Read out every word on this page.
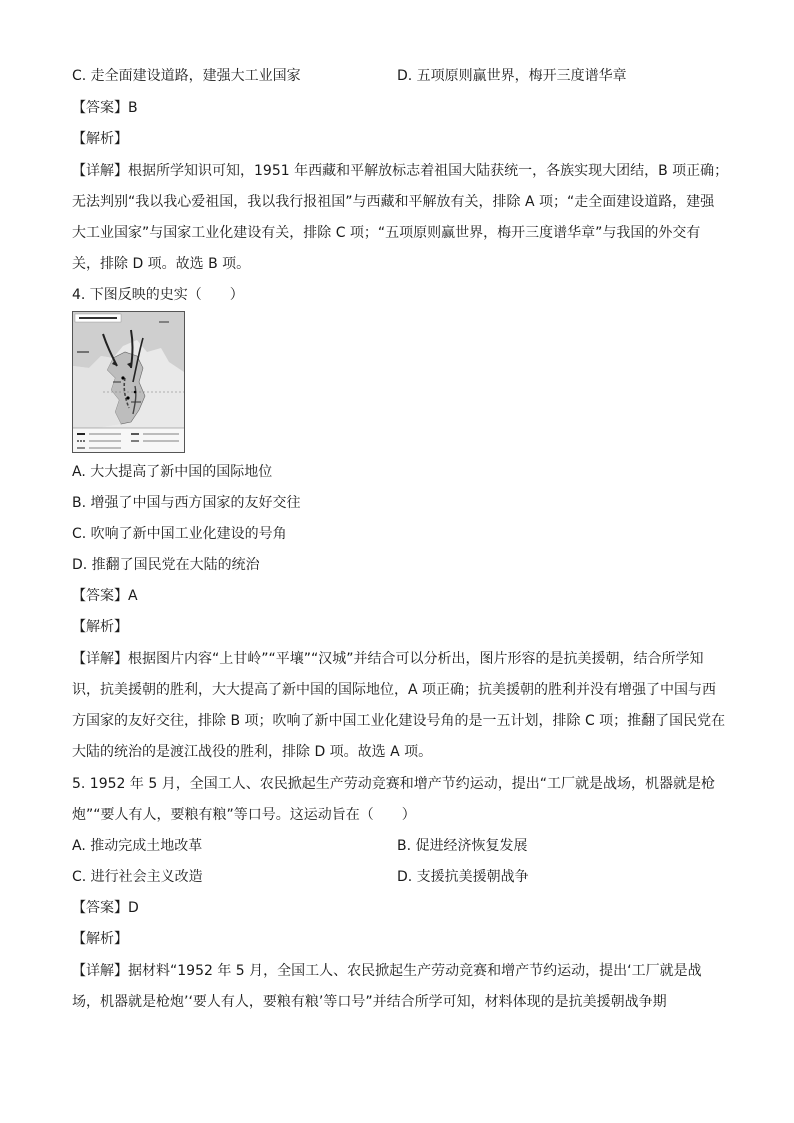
C. 走全面建设道路，建强大工业国家	D. 五项原则赢世界，梅开三度谱华章
【答案】B
【解析】
【详解】根据所学知识可知，1951 年西藏和平解放标志着祖国大陆获统一，各族实现大团结，B 项正确；
无法判别“我以我心爱祖国，我以我行报祖国”与西藏和平解放有关，排除 A 项；“走全面建设道路，建强
大工业国家”与国家工业化建设有关，排除 C 项；“五项原则赢世界，梅开三度谱华章”与我国的外交有
关，排除 D 项。故选 B 项。
4. 下图反映的史实（　　）
A. 大大提高了新中国的国际地位
B. 增强了中国与西方国家的友好交往
C. 吹响了新中国工业化建设的号角
D. 推翻了国民党在大陆的统治
【答案】A
【解析】
【详解】根据图片内容“上甘岭”“平壤”“汉城”并结合可以分析出，图片形容的是抗美援朝，结合所学知
识，抗美援朝的胜利，大大提高了新中国的国际地位，A 项正确；抗美援朝的胜利并没有增强了中国与西
方国家的友好交往，排除 B 项；吹响了新中国工业化建设号角的是一五计划，排除 C 项；推翻了国民党在
大陆的统治的是渡江战役的胜利，排除 D 项。故选 A 项。
5. 1952 年 5 月，全国工人、农民掀起生产劳动竞赛和增产节约运动，提出“工厂就是战场，机器就是枪
炮”“要人有人，要粮有粮”等口号。这运动旨在（　　）
A. 推动完成土地改革	B. 促进经济恢复发展
C. 进行社会主义改造	D. 支援抗美援朝战争
【答案】D
【解析】
【详解】据材料“1952 年 5 月，全国工人、农民掀起生产劳动竞赛和增产节约运动，提出‘工厂就是战
场，机器就是枪炮’‘要人有人，要粮有粮’等口号”并结合所学可知，材料体现的是抗美援朝战争期
